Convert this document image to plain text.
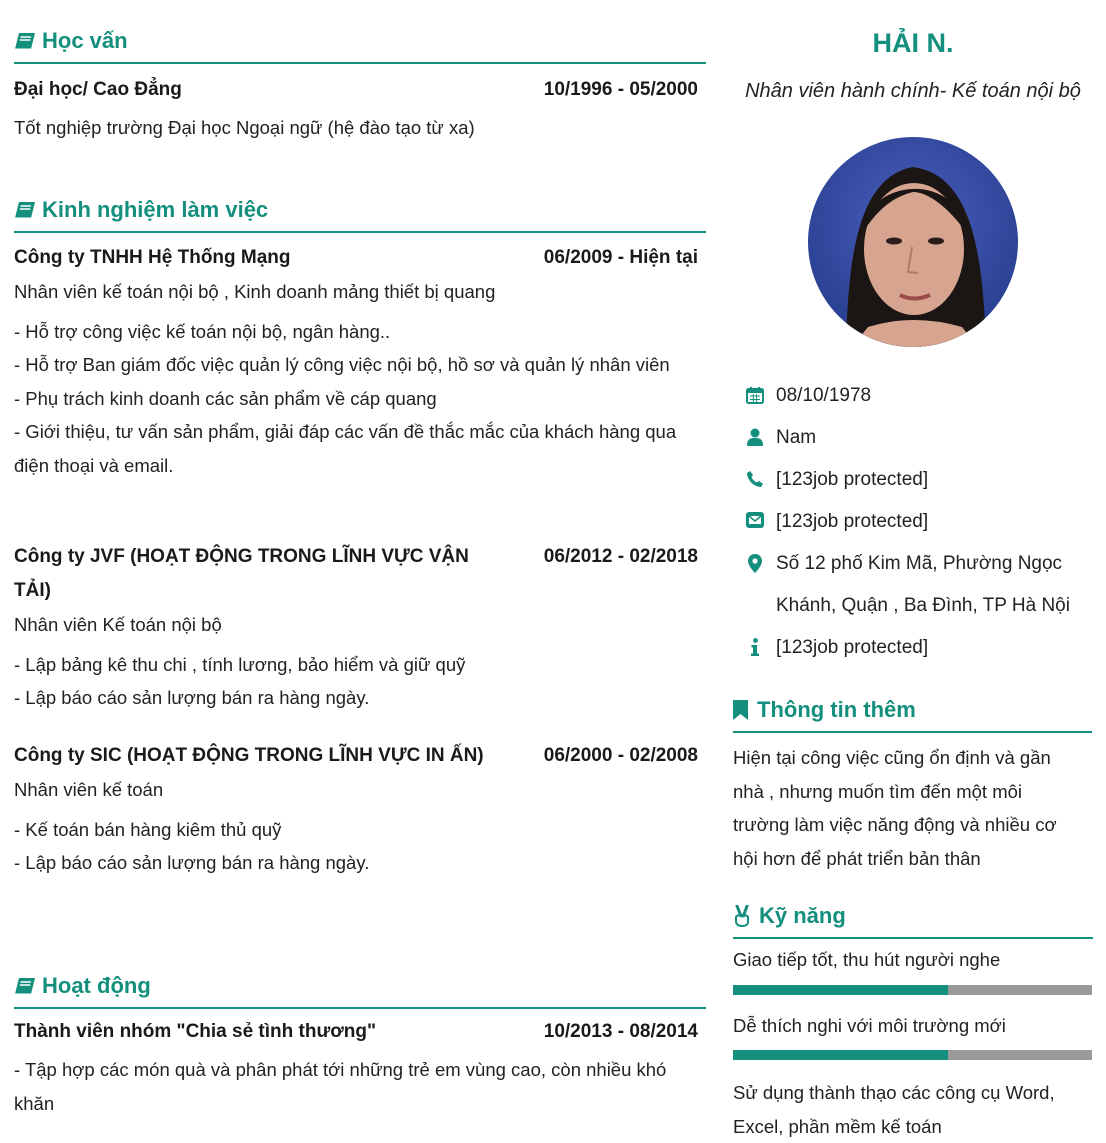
Học vấn
Đại học/ Cao Đẳng	10/1996 - 05/2000

Tốt nghiệp trường Đại học Ngoại ngữ (hệ đào tạo từ xa)

Kinh nghiệm làm việc
Công ty TNHH Hệ Thống Mạng	06/2009 - Hiện tại

Nhân viên kế toán nội bộ , Kinh doanh mảng thiết bị quang

- Hỗ trợ công việc kế toán nội bộ, ngân hàng..

- Hỗ trợ Ban giám đốc việc quản lý công việc nội bộ, hồ sơ và quản lý nhân viên

- Phụ trách kinh doanh các sản phẩm về cáp quang

- Giới thiệu, tư vấn sản phẩm, giải đáp các vấn đề thắc mắc của khách hàng qua điện thoại và email.

Công ty JVF (HOẠT ĐỘNG TRONG LĨNH VỰC VẬN TẢI)
06/2012 - 02/2018

Nhân viên Kế toán nội bộ

- Lập bảng kê thu chi , tính lương, bảo hiểm và giữ quỹ

- Lập báo cáo sản lượng bán ra hàng ngày.

Công ty SIC (HOẠT ĐỘNG TRONG LĨNH VỰC IN ẤN)	06/2000 - 02/2008

Nhân viên kế toán

- Kế toán bán hàng kiêm thủ quỹ

- Lập báo cáo sản lượng bán ra hàng ngày.

Hoạt động
Thành viên nhóm "Chia sẻ tình thương"	10/2013 - 08/2014

- Tập hợp các món quà và phân phát tới những trẻ em vùng cao, còn nhiều khó khăn

HẢI N.
Nhân viên hành chính- Kế toán nội bộ
08/10/1978
Nam
[123job protected]
[123job protected]
Số 12 phố Kim Mã, Phường Ngọc Khánh, Quận , Ba Đình, TP Hà Nội
[123job protected]
Thông tin thêm
Hiện tại công việc cũng ổn định và gần nhà , nhưng muốn tìm đến một môi trường làm việc năng động và nhiều cơ hội hơn để phát triển bản thân
Kỹ năng
Giao tiếp tốt, thu hút người nghe
Dễ thích nghi với môi trường mới
Sử dụng thành thạo các công cụ Word, Excel, phần mềm kế toán
